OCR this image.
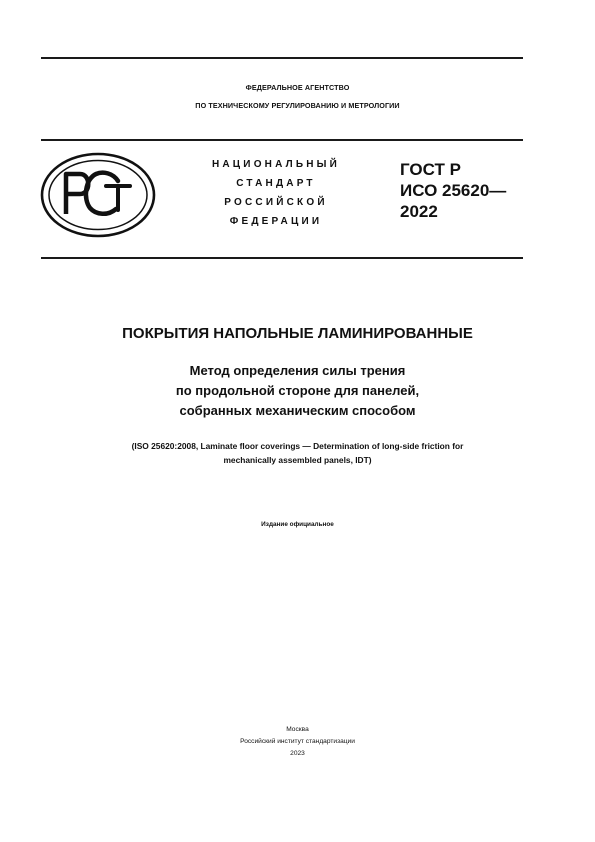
ФЕДЕРАЛЬНОЕ АГЕНТСТВО
ПО ТЕХНИЧЕСКОМУ РЕГУЛИРОВАНИЮ И МЕТРОЛОГИИ
НАЦИОНАЛЬНЫЙ
СТАНДАРТ
РОССИЙСКОЙ
ФЕДЕРАЦИИ
ГОСТ Р
ИСО 25620—
2022
ПОКРЫТИЯ НАПОЛЬНЫЕ ЛАМИНИРОВАННЫЕ
Метод определения силы трения
по продольной стороне для панелей,
собранных механическим способом
(ISO 25620:2008, Laminate floor coverings — Determination of long-side friction for
mechanically assembled panels, IDT)
Издание официальное
Москва
Российский институт стандартизации
2023
